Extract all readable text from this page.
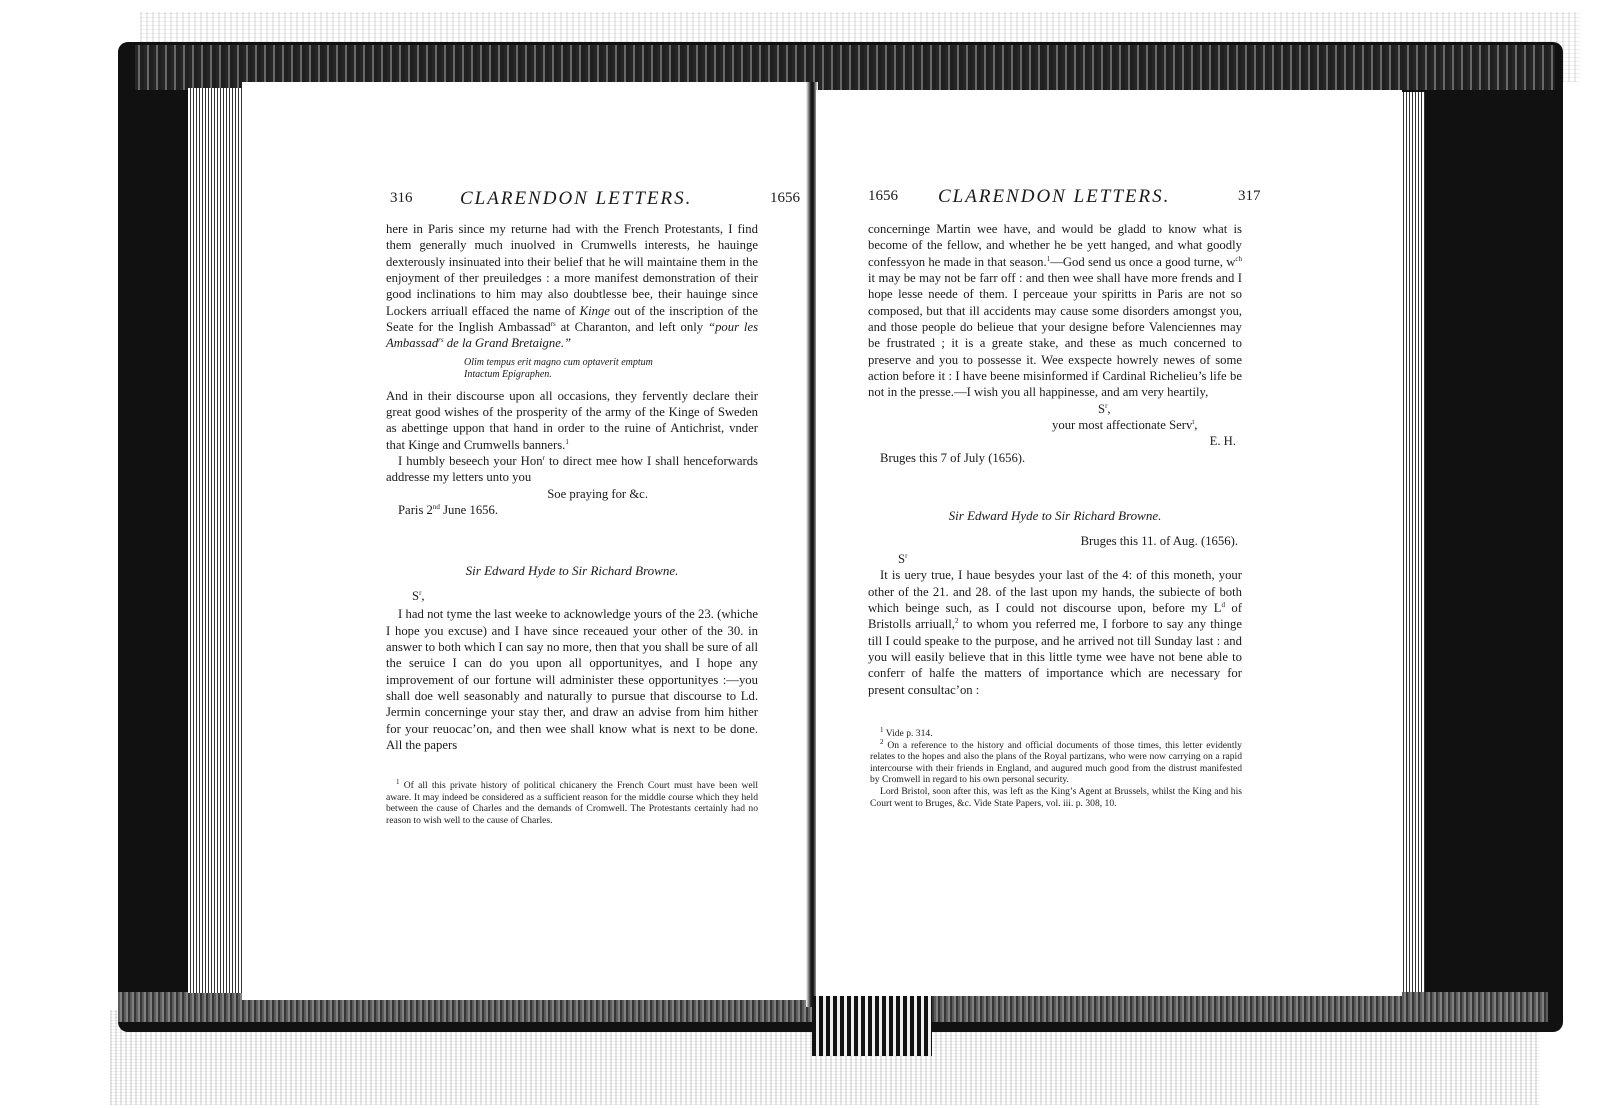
316	CLARENDON LETTERS.	1656

here in Paris since my returne had with the French Protestants, I find them generally much inuolved in Crumwells interests, he hauinge dexterously insinuated into their belief that he will maintaine them in the enjoyment of ther preuiledges : a more manifest demonstration of their good inclinations to him may also doubtlesse bee, their hauinge since Lockers arriuall effaced the name of Kinge out of the inscription of the Seate for the Inglish Ambassad$^{rs}$ at Charanton, and left only “pour les Ambassad$^{rs}$ de la Grand Bretaigne.”

Olim tempus erit magno cum optaverit emptum
Intactum Epigraphen.

And in their discourse upon all occasions, they fervently declare their great good wishes of the prosperity of the army of the Kinge of Sweden as abettinge uppon that hand in order to the ruine of Antichrist, vnder that Kinge and Crumwells banners.$^1$

I humbly beseech your Hon$^r$ to direct mee how I shall henceforwards addresse my letters unto you

Soe praying for &c.

Paris 2nd June 1656.

Sir Edward Hyde to Sir Richard Browne.

$S^r$,

I had not tyme the last weeke to acknowledge yours of the 23. (whiche I hope you excuse) and I have since receaued your other of the 30. in answer to both which I can say no more, then that you shall be sure of all the seruice I can do you upon all opportunityes, and I hope any improvement of our fortune will administer these opportunityes :—you shall doe well seasonably and naturally to pursue that discourse to Ld. Jermin concerninge your stay ther, and draw an advise from him hither for your reuocac’on, and then wee shall know what is next to be done. All the papers

$^1$ Of all this private history of political chicanery the French Court must have been well aware. It may indeed be considered as a sufficient reason for the middle course which they held between the cause of Charles and the demands of Cromwell. The Protestants certainly had no reason to wish well to the cause of Charles.

1656 CLARENDON LETTERS.	317

concerninge Martin wee have, and would be gladd to know what is become of the fellow, and whether he be yett hanged, and what goodly confessyon he made in that season.$^1$—God send us once a good turne, $w^{ch}$ it may be may not be farr off : and then wee shall have more frends and I hope lesse neede of them. I perceaue your spiritts in Paris are not so composed, but that ill accidents may cause some disorders amongst you, and those people do belieue that your designe before Valenciennes may be frustrated ; it is a greate stake, and these as much concerned to preserve and you to possesse it. Wee exspecte howrely newes of some action before it : I have beene misinformed if Cardinal Richelieu’s life be not in the presse.—I wish you all happinesse, and am very heartily,

$S^r$,

your most affectionate Serv$^t$,

E. H.

Bruges this 7 of July (1656).

Sir Edward Hyde to Sir Richard Browne.

Bruges this 11. of Aug. (1656).

$S^r$

It is uery true, I haue besydes your last of the 4: of this moneth, your other of the 21. and 28. of the last upon my hands, the subiecte of both which beinge such, as I could not discourse upon, before my $L^d$ of Bristolls arriuall,$^2$ to whom you referred me, I forbore to say any thinge till I could speake to the purpose, and he arrived not till Sunday last : and you will easily believe that in this little tyme wee have not bene able to conferr of halfe the matters of importance which are necessary for present consultac’on :

$^1$ Vide p. 314.

$^2$ On a reference to the history and official documents of those times, this letter evidently relates to the hopes and also the plans of the Royal partizans, who were now carrying on a rapid intercourse with their friends in England, and augured much good from the distrust manifested by Cromwell in regard to his own personal security.

Lord Bristol, soon after this, was left as the King’s Agent at Brussels, whilst the King and his Court went to Bruges, &c. Vide State Papers, vol. iii. p. 308, 10.
